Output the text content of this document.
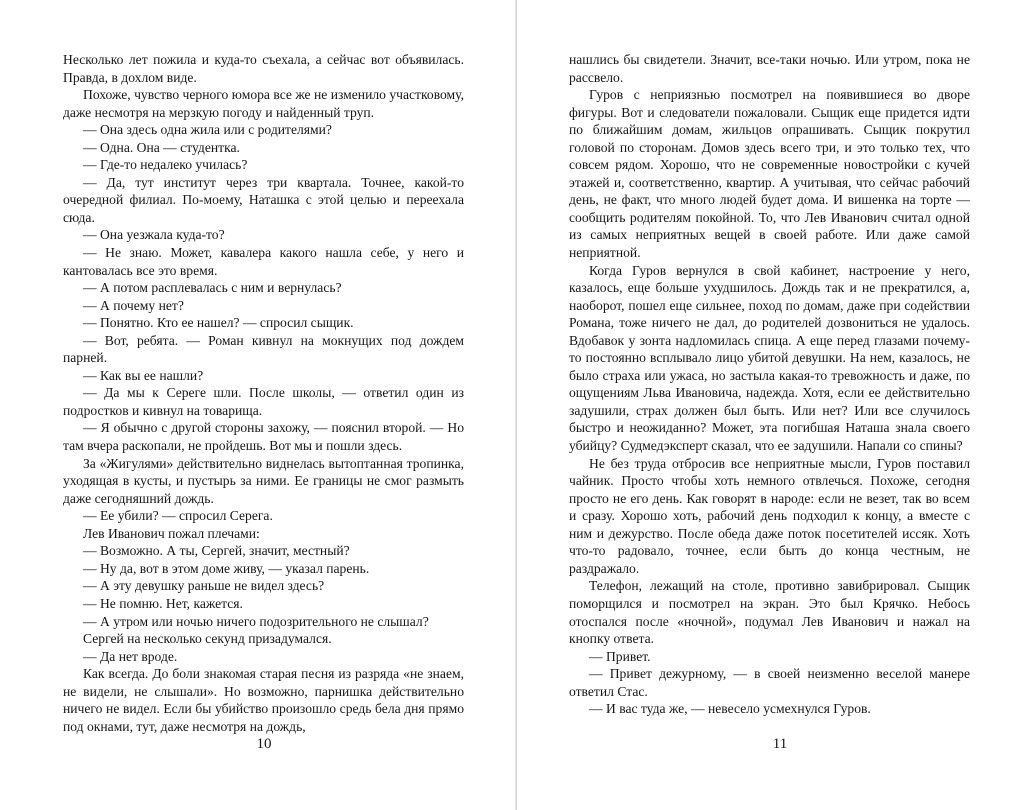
Несколько лет пожила и куда-то съехала, а сейчас вот объявилась. Правда, в дохлом виде.

Похоже, чувство черного юмора все же не изменило участковому, даже несмотря на мерзкую погоду и найденный труп.

— Она здесь одна жила или с родителями?

— Одна. Она — студентка.

— Где-то недалеко училась?

— Да, тут институт через три квартала. Точнее, какой-то очередной филиал. По-моему, Наташка с этой целью и переехала сюда.

— Она уезжала куда-то?

— Не знаю. Может, кавалера какого нашла себе, у него и кантовалась все это время.

— А потом расплевалась с ним и вернулась?

— А почему нет?

— Понятно. Кто ее нашел? — спросил сыщик.

— Вот, ребята. — Роман кивнул на мокнущих под дождем парней.

— Как вы ее нашли?

— Да мы к Сереге шли. После школы, — ответил один из подростков и кивнул на товарища.

— Я обычно с другой стороны захожу, — пояснил второй. — Но там вчера раскопали, не пройдешь. Вот мы и пошли здесь.

За «Жигулями» действительно виднелась вытоптанная тропинка, уходящая в кусты, и пустырь за ними. Ее границы не смог размыть даже сегодняшний дождь.

— Ее убили? — спросил Серега.

Лев Иванович пожал плечами:

— Возможно. А ты, Сергей, значит, местный?

— Ну да, вот в этом доме живу, — указал парень.

— А эту девушку раньше не видел здесь?

— Не помню. Нет, кажется.

— А утром или ночью ничего подозрительного не слышал?

Сергей на несколько секунд призадумался.

— Да нет вроде.

Как всегда. До боли знакомая старая песня из разряда «не знаем, не видели, не слышали». Но возможно, парнишка действительно ничего не видел. Если бы убийство произошло средь бела дня прямо под окнами, тут, даже несмотря на дождь,

10

нашлись бы свидетели. Значит, все-таки ночью. Или утром, пока не рассвело.

Гуров с неприязнью посмотрел на появившиеся во дворе фигуры. Вот и следователи пожаловали. Сыщик еще придется идти по ближайшим домам, жильцов опрашивать. Сыщик покрутил головой по сторонам. Домов здесь всего три, и это только тех, что совсем рядом. Хорошо, что не современные новостройки с кучей этажей и, соответственно, квартир. А учитывая, что сейчас рабочий день, не факт, что много людей будет дома. И вишенка на торте — сообщить родителям покойной. То, что Лев Иванович считал одной из самых неприятных вещей в своей работе. Или даже самой неприятной.

Когда Гуров вернулся в свой кабинет, настроение у него, казалось, еще больше ухудшилось. Дождь так и не прекратился, а, наоборот, пошел еще сильнее, поход по домам, даже при содействии Романа, тоже ничего не дал, до родителей дозвониться не удалось. Вдобавок у зонта надломилась спица. А еще перед глазами почему-то постоянно всплывало лицо убитой девушки. На нем, казалось, не было страха или ужаса, но застыла какая-то тревожность и даже, по ощущениям Льва Ивановича, надежда. Хотя, если ее действительно задушили, страх должен был быть. Или нет? Или все случилось быстро и неожиданно? Может, эта погибшая Наташа знала своего убийцу? Судмедэксперт сказал, что ее задушили. Напали со спины?

Не без труда отбросив все неприятные мысли, Гуров поставил чайник. Просто чтобы хоть немного отвлечься. Похоже, сегодня просто не его день. Как говорят в народе: если не везет, так во всем и сразу. Хорошо хоть, рабочий день подходил к концу, а вместе с ним и дежурство. После обеда даже поток посетителей иссяк. Хоть что-то радовало, точнее, если быть до конца честным, не раздражало.

Телефон, лежащий на столе, противно завибрировал. Сыщик поморщился и посмотрел на экран. Это был Крячко. Небось отоспался после «ночной», подумал Лев Иванович и нажал на кнопку ответа.

— Привет.

— Привет дежурному, — в своей неизменно веселой манере ответил Стас.

— И вас туда же, — невесело усмехнулся Гуров.

11
